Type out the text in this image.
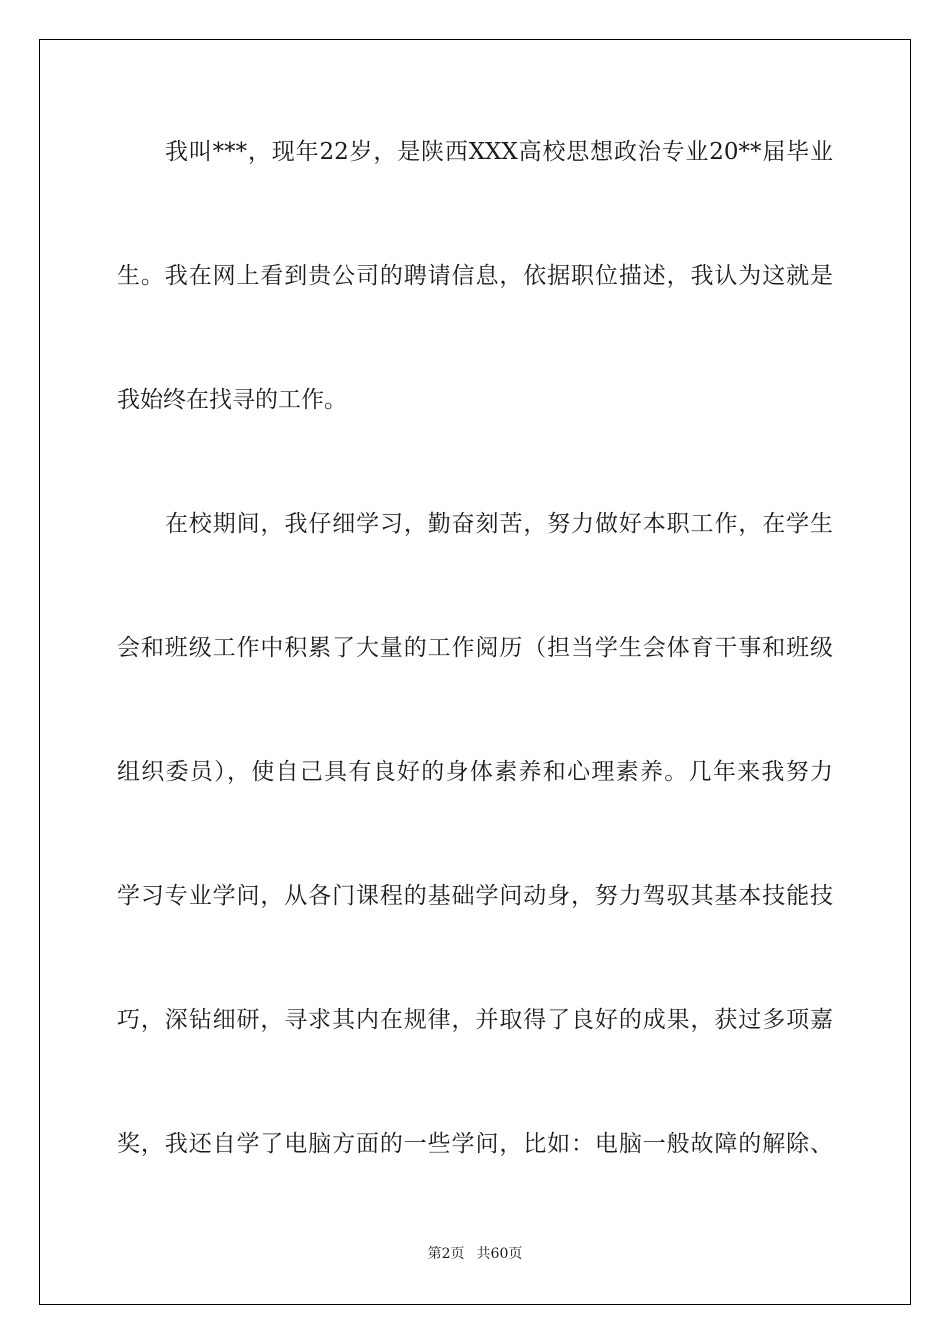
我叫***，现年22岁，是陕西XXX高校思想政治专业20**届毕业
生。我在网上看到贵公司的聘请信息，依据职位描述，我认为这就是
我始终在找寻的工作。
在校期间，我仔细学习，勤奋刻苦，努力做好本职工作，在学生
会和班级工作中积累了大量的工作阅历（担当学生会体育干事和班级
组织委员），使自己具有良好的身体素养和心理素养。几年来我努力
学习专业学问，从各门课程的基础学问动身，努力驾驭其基本技能技
巧，深钻细研，寻求其内在规律，并取得了良好的成果，获过多项嘉
奖，我还自学了电脑方面的一些学问，比如：电脑一般故障的解除、
第2页 共60页
